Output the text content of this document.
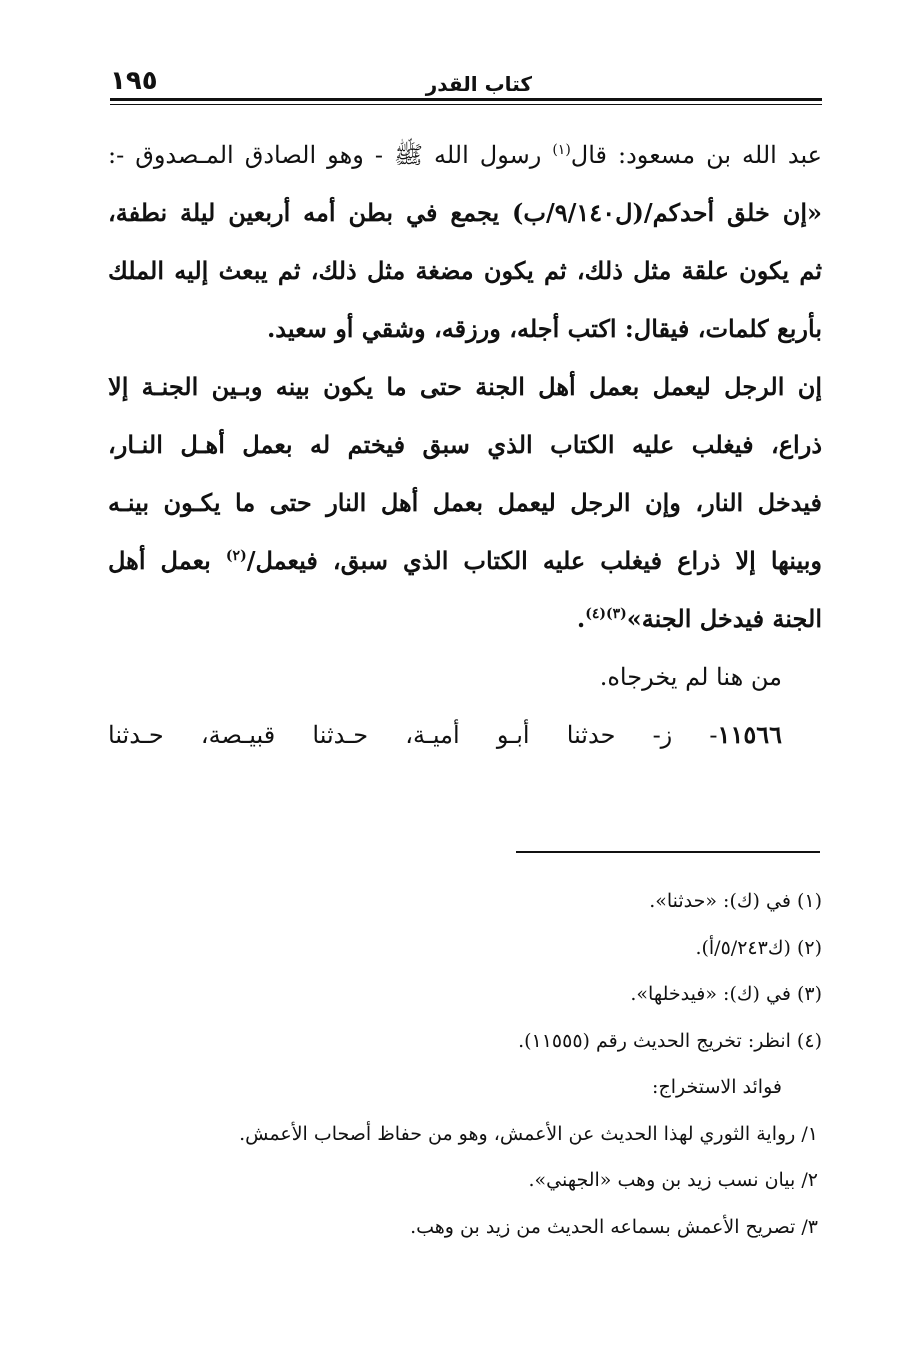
كتاب القدر
١٩٥
عبد الله بن مسعود: قال$^{(١)}$ رسول الله ﷺ - وهو الصادق المـصدوق -:
«إن خلق أحدكم/(ل٩/١٤٠/ب) يجمع في بطن أمه أربعين ليلة نطفة،
ثم يكون علقة مثل ذلك، ثم يكون مضغة مثل ذلك، ثم يبعث إليه الملك
بأربع كلمات، فيقال: اكتب أجله، ورزقه، وشقي أو سعيد.
إن الرجل ليعمل بعمل أهل الجنة حتى ما يكون بينه وبـين الجنـة إلا
ذراع، فيغلب عليه الكتاب الذي سبق فيختم له بعمل أهـل النـار،
فيدخل النار، وإن الرجل ليعمل بعمل أهل النار حتى ما يكـون بينـه
وبينها إلا ذراع فيغلب عليه الكتاب الذي سبق، فيعمل/$^{(٢)}$ بعمل أهل
الجنة فيدخل الجنة»$^{(٣)(٤)}$.
من هنا لم يخرجاه.
١١٥٦٦- ز- حدثنا أبـو أميـة، حـدثنا قبيـصة، حـدثنا
(١) في (ك): «حدثنا».
(٢) (ك٥/٢٤٣/أ).
(٣) في (ك): «فيدخلها».
(٤) انظر: تخريج الحديث رقم (١١٥٥٥).
فوائد الاستخراج:
١/ رواية الثوري لهذا الحديث عن الأعمش، وهو من حفاظ أصحاب الأعمش.
٢/ بيان نسب زيد بن وهب «الجهني».
٣/ تصريح الأعمش بسماعه الحديث من زيد بن وهب.
